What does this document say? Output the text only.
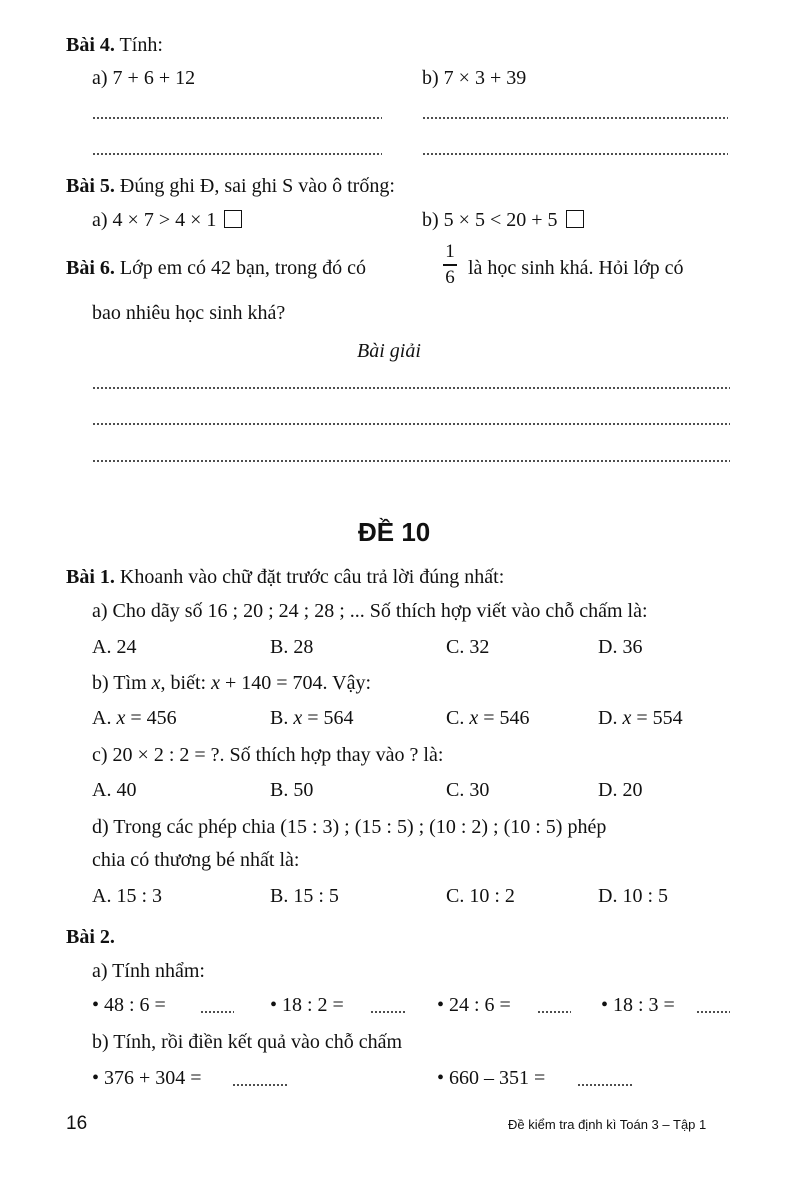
Bài 4. Tính:
a) 7 + 6 + 12	b) 7 × 3 + 39
Bài 5. Đúng ghi Đ, sai ghi S vào ô trống:
a) 4 × 7 > 4 × 1	b) 5 × 5 < 20 + 5
Bài 6. Lớp em có 42 bạn, trong đó có
1
6 là học sinh khá. Hỏi lớp có
bao nhiêu học sinh khá?
Bài giải
ĐỀ 10
Bài 1. Khoanh vào chữ đặt trước câu trả lời đúng nhất:
a) Cho dãy số 16 ; 20 ; 24 ; 28 ; ... Số thích hợp viết vào chỗ chấm là:
A. 24	B. 28	C. 32	D. 36
b) Tìm x, biết: x + 140 = 704. Vậy:
A. x = 456	B. x = 564	C. x = 546	D. x = 554
c) 20 × 2 : 2 = ?. Số thích hợp thay vào ? là:
A. 40	B. 50	C. 30	D. 20
d) Trong các phép chia (15 : 3) ; (15 : 5) ; (10 : 2) ; (10 : 5) phép
chia có thương bé nhất là:
A. 15 : 3	B. 15 : 5	C. 10 : 2	D. 10 : 5
Bài 2.
a) Tính nhẩm:
• 48 : 6 =	• 18 : 2 =	• 24 : 6 =	• 18 : 3 =
b) Tính, rồi điền kết quả vào chỗ chấm
• 376 + 304 =	• 660 – 351 =
16	Đề kiểm tra định kì Toán 3 – Tập 1
